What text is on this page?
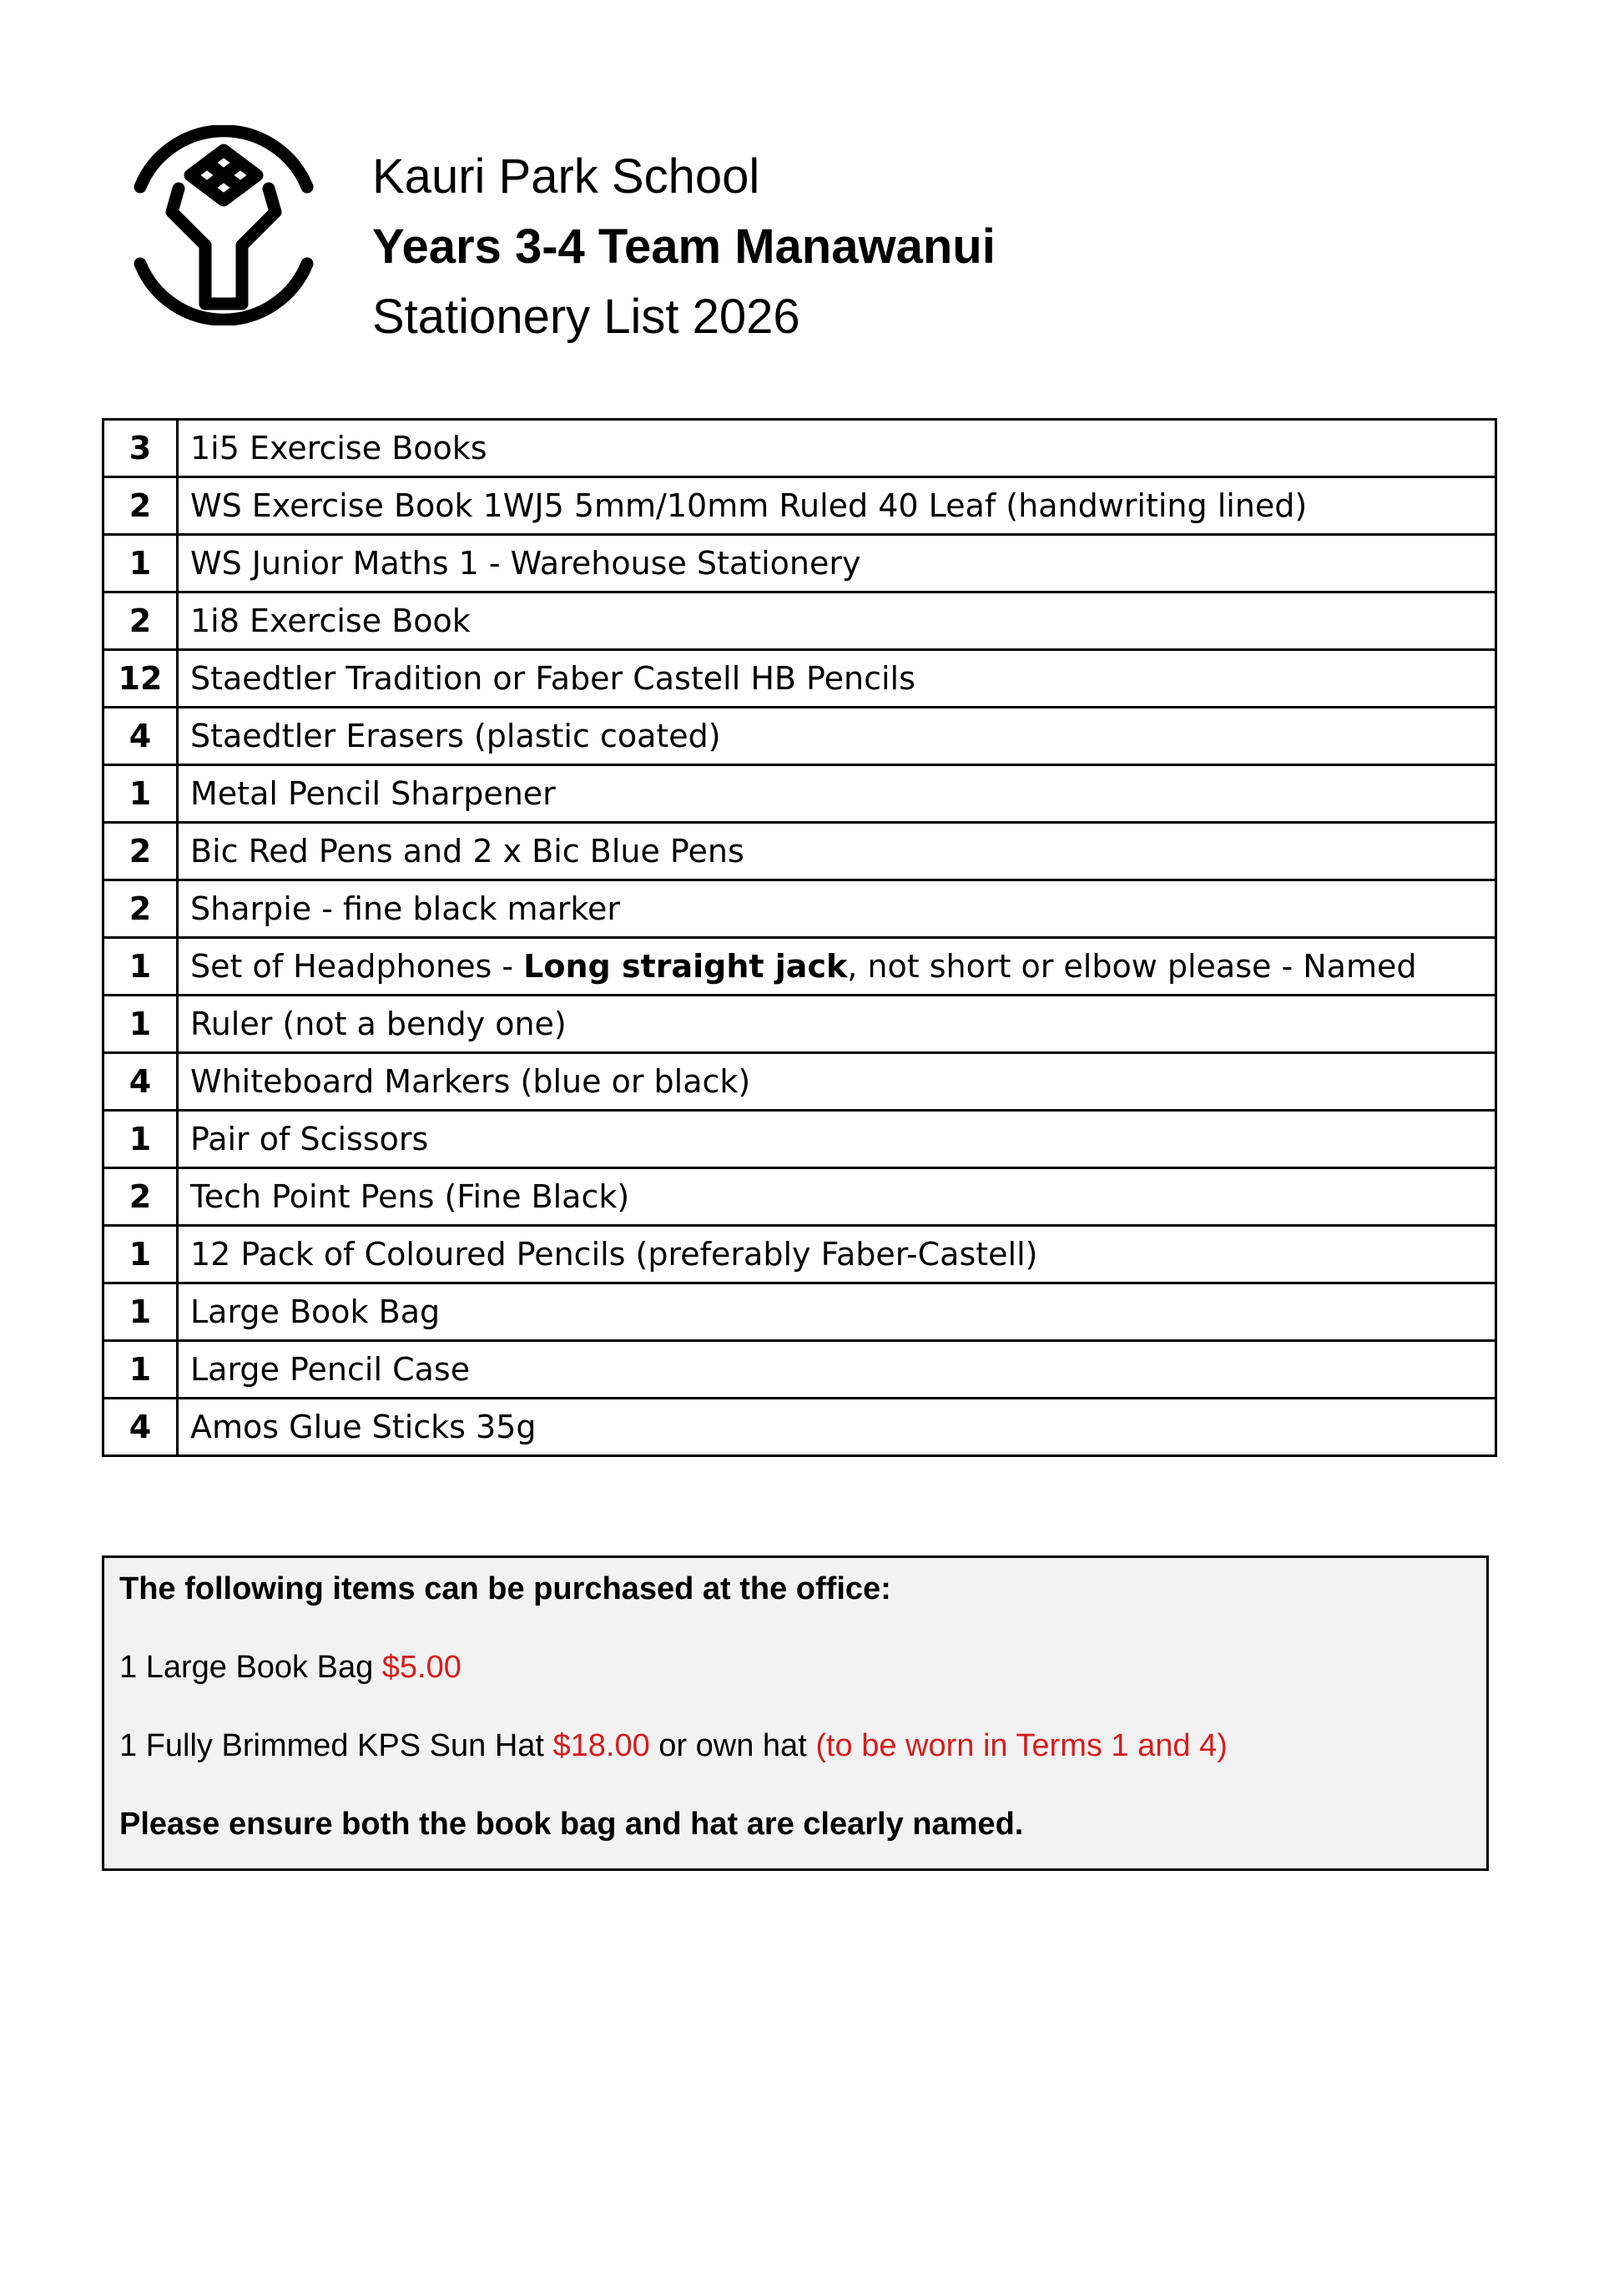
Kauri Park School
Years 3-4 Team Manawanui
Stationery List 2026
3	1i5 Exercise Books
2	WS Exercise Book 1WJ5 5mm/10mm Ruled 40 Leaf (handwriting lined)
1	WS Junior Maths 1 - Warehouse Stationery
2	1i8 Exercise Book
12	Staedtler Tradition or Faber Castell HB Pencils
4	Staedtler Erasers (plastic coated)
1	Metal Pencil Sharpener
2	Bic Red Pens and 2 x Bic Blue Pens
2	Sharpie - fine black marker
1	Set of Headphones - Long straight jack, not short or elbow please - Named
1	Ruler (not a bendy one)
4	Whiteboard Markers (blue or black)
1	Pair of Scissors
2	Tech Point Pens (Fine Black)
1	12 Pack of Coloured Pencils (preferably Faber-Castell)
1	Large Book Bag
1	Large Pencil Case
4	Amos Glue Sticks 35g

The following items can be purchased at the office:

1 Large Book Bag $5.00

1 Fully Brimmed KPS Sun Hat $18.00 or own hat (to be worn in Terms 1 and 4)

Please ensure both the book bag and hat are clearly named.
